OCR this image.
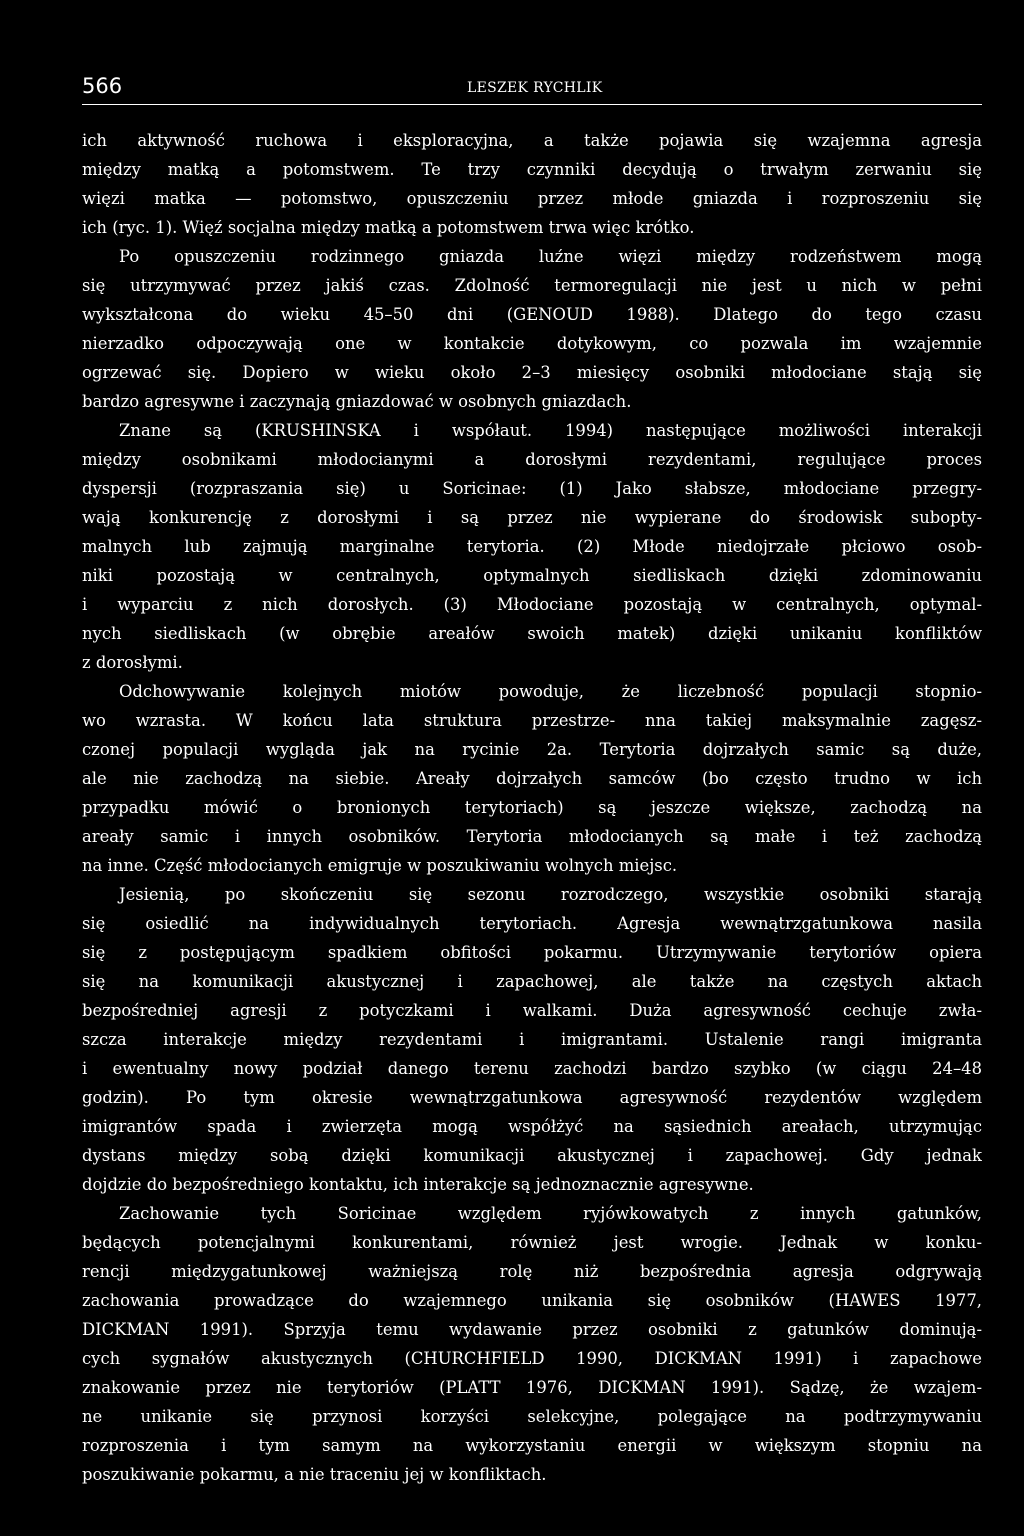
566	LESZEK RYCHLIK
ich aktywność ruchowa i eksploracyjna, a także pojawia się wzajemna agresja
między matką a potomstwem. Te trzy czynniki decydują o trwałym zerwaniu się
więzi matka — potomstwo, opuszczeniu przez młode gniazda i rozproszeniu się
ich (ryc. 1). Więź socjalna między matką a potomstwem trwa więc krótko.
Po opuszczeniu rodzinnego gniazda luźne więzi między rodzeństwem mogą
się utrzymywać przez jakiś czas. Zdolność termoregulacji nie jest u nich w pełni
wykształcona do wieku 45–50 dni (GENOUD 1988). Dlatego do tego czasu
nierzadko odpoczywają one w kontakcie dotykowym, co pozwala im wzajemnie
ogrzewać się. Dopiero w wieku około 2–3 miesięcy osobniki młodociane stają się
bardzo agresywne i zaczynają gniazdować w osobnych gniazdach.
Znane są (KRUSHINSKA i współaut. 1994) następujące możliwości interakcji
między osobnikami młodocianymi a dorosłymi rezydentami, regulujące proces
dyspersji (rozpraszania się) u Soricinae: (1) Jako słabsze, młodociane przegry-
wają konkurencję z dorosłymi i są przez nie wypierane do środowisk subopty-
malnych lub zajmują marginalne terytoria. (2) Młode niedojrzałe płciowo osob-
niki pozostają w centralnych, optymalnych siedliskach dzięki zdominowaniu
i wyparciu z nich dorosłych. (3) Młodociane pozostają w centralnych, optymal-
nych siedliskach (w obrębie areałów swoich matek) dzięki unikaniu konfliktów
z dorosłymi.
Odchowywanie kolejnych miotów powoduje, że liczebność populacji stopnio-
wo wzrasta. W końcu lata struktura przestrze- nna takiej maksymalnie zagęsz-
czonej populacji wygląda jak na rycinie 2a. Terytoria dojrzałych samic są duże,
ale nie zachodzą na siebie. Areały dojrzałych samców (bo często trudno w ich
przypadku mówić o bronionych terytoriach) są jeszcze większe, zachodzą na
areały samic i innych osobników. Terytoria młodocianych są małe i też zachodzą
na inne. Część młodocianych emigruje w poszukiwaniu wolnych miejsc.
Jesienią, po skończeniu się sezonu rozrodczego, wszystkie osobniki starają
się osiedlić na indywidualnych terytoriach. Agresja wewnątrzgatunkowa nasila
się z postępującym spadkiem obfitości pokarmu. Utrzymywanie terytoriów opiera
się na komunikacji akustycznej i zapachowej, ale także na częstych aktach
bezpośredniej agresji z potyczkami i walkami. Duża agresywność cechuje zwła-
szcza interakcje między rezydentami i imigrantami. Ustalenie rangi imigranta
i ewentualny nowy podział danego terenu zachodzi bardzo szybko (w ciągu 24–48
godzin). Po tym okresie wewnątrzgatunkowa agresywność rezydentów względem
imigrantów spada i zwierzęta mogą współżyć na sąsiednich areałach, utrzymując
dystans między sobą dzięki komunikacji akustycznej i zapachowej. Gdy jednak
dojdzie do bezpośredniego kontaktu, ich interakcje są jednoznacznie agresywne.
Zachowanie tych Soricinae względem ryjówkowatych z innych gatunków,
będących potencjalnymi konkurentami, również jest wrogie. Jednak w konku-
rencji międzygatunkowej ważniejszą rolę niż bezpośrednia agresja odgrywają
zachowania prowadzące do wzajemnego unikania się osobników (HAWES 1977,
DICKMAN 1991). Sprzyja temu wydawanie przez osobniki z gatunków dominują-
cych sygnałów akustycznych (CHURCHFIELD 1990, DICKMAN 1991) i zapachowe
znakowanie przez nie terytoriów (PLATT 1976, DICKMAN 1991). Sądzę, że wzajem-
ne unikanie się przynosi korzyści selekcyjne, polegające na podtrzymywaniu
rozproszenia i tym samym na wykorzystaniu energii w większym stopniu na
poszukiwanie pokarmu, a nie traceniu jej w konfliktach.
